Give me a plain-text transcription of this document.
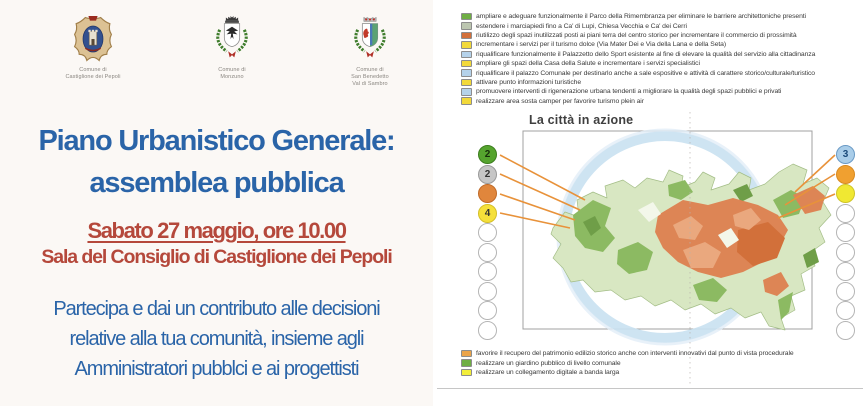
Comune di
Castiglione dei Pepoli
Comune di
Monzuno
Comune di
San Benedetto
Val di Sambro
Piano Urbanistico Generale:
assemblea pubblica
Sabato 27 maggio, ore 10.00
Sala del Consiglio di Castiglione dei Pepoli
Partecipa e dai un contributo alle decisioni
relative alla tua comunità, insieme agli
Amministratori pubblci e ai progettisti
ampliare e adeguare funzionalmente il Parco della Rimembranza per eliminare le barriere architettoniche presenti
estendere i marciapiedi fino a Ca' di Lupi, Chiesa Vecchia e Ca' dei Cerri
riutilizzo degli spazi inutilizzati posti ai piani terra del centro storico per incrementare il commercio di prossimità
incrementare i servizi per il turismo dolce (Via Mater Dei e Via della Lana e della Seta)
riqualificare funzionalmente il Palazzetto dello Sport esistente al fine di elevare la qualità del servizio alla cittadinanza
ampliare gli spazi della Casa della Salute e incrementare i servizi specialistici
riqualificare il palazzo Comunale per destinarlo anche a sale espositive e attività di carattere storico/culturale/turistico
attivare punto informazioni turistiche
promuovere interventi di rigenerazione urbana tendenti a migliorare la qualità degli spazi pubblici e privati
realizzare area sosta camper per favorire turismo plein air
La città in azione
2
2
4
3
favorire il recupero del patrimonio edilizio storico anche con interventi innovativi dal punto di vista procedurale
realizzare un giardino pubblico di livello comunale
realizzare un collegamento digitale a banda larga
